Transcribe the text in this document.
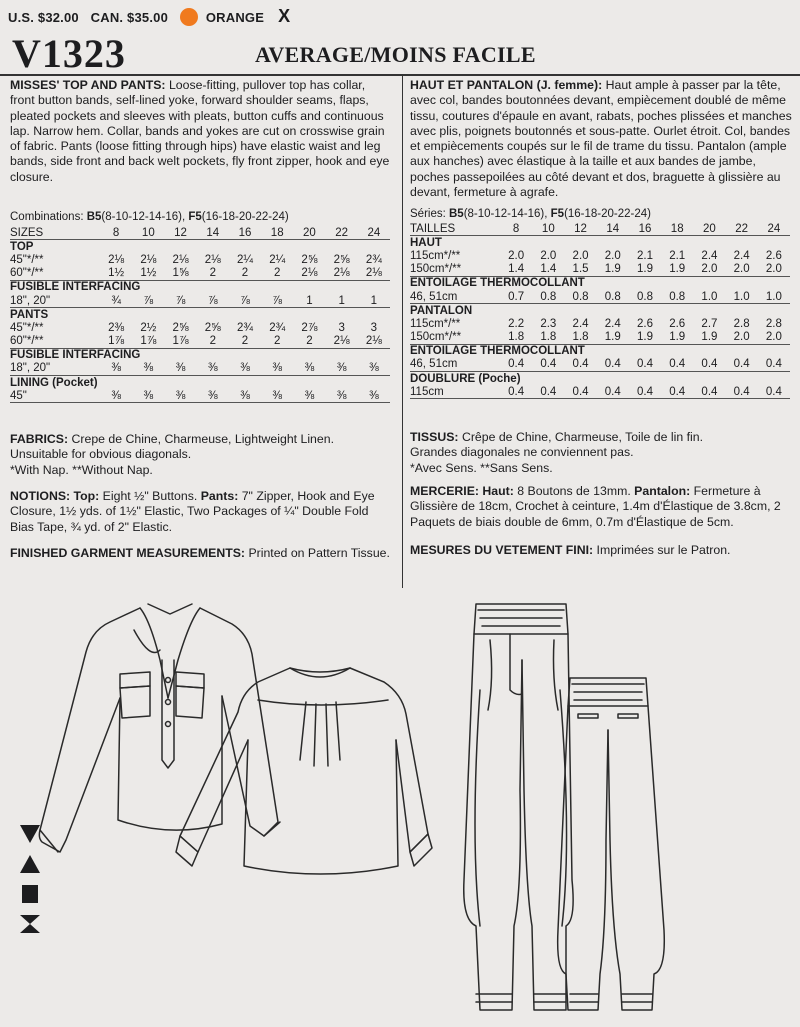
U.S. $32.00 CAN. $35.00	ORANGE X
V1323	AVERAGE/MOINS FACILE
MISSES' TOP AND PANTS: Loose-fitting, pullover top has collar, front button bands, self-lined yoke, forward shoulder seams, flaps, pleated pockets and sleeves with pleats, button cuffs and continuous lap. Narrow hem. Collar, bands and yokes are cut on crosswise grain of fabric. Pants (loose fitting through hips) have elastic waist and leg bands, side front and back welt pockets, fly front zipper, hook and eye closure.
Combinations: B5(8-10-12-14-16), F5(16-18-20-22-24)
SIZES	8	10	12	14	16	18	20	22	24
TOP									
45"*/**	2⅛	2⅛	2⅛	2⅛	2¼	2¼	2⅝	2⅝	2¾
60"*/**	1½	1½	1⅝	2	2	2	2⅛	2⅛	2⅛
FUSIBLE INTERFACING									
18", 20"	¾	⅞	⅞	⅞	⅞	⅞	1	1	1
PANTS									
45"*/**	2⅜	2½	2⅝	2⅝	2¾	2¾	2⅞	3	3
60"*/**	1⅞	1⅞	1⅞	2	2	2	2	2⅛	2⅛
FUSIBLE INTERFACING									
18", 20"	⅜	⅜	⅜	⅜	⅜	⅜	⅜	⅜	⅜
LINING (Pocket)									
45"	⅜	⅜	⅜	⅜	⅜	⅜	⅜	⅜	⅜
FABRICS: Crepe de Chine, Charmeuse, Lightweight Linen.
Unsuitable for obvious diagonals.
*With Nap. **Without Nap.
NOTIONS: Top: Eight ½" Buttons. Pants: 7" Zipper, Hook and Eye Closure, 1½ yds. of 1½" Elastic, Two Packages of ¼" Double Fold Bias Tape, ¾ yd. of 2" Elastic.
FINISHED GARMENT MEASUREMENTS: Printed on Pattern Tissue.
HAUT ET PANTALON (J. femme): Haut ample à passer par la tête, avec col, bandes boutonnées devant, empiècement doublé de même tissu, coutures d'épaule en avant, rabats, poches plissées et manches avec plis, poignets boutonnés et sous-patte. Ourlet étroit. Col, bandes et empiècements coupés sur le fil de trame du tissu. Pantalon (ample aux hanches) avec élastique à la taille et aux bandes de jambe, poches passepoilées au côté devant et dos, braguette à glissière au devant, fermeture à agrafe.
Séries: B5(8-10-12-14-16), F5(16-18-20-22-24)
TAILLES	8	10	12	14	16	18	20	22	24
HAUT									
115cm*/**	2.0	2.0	2.0	2.0	2.1	2.1	2.4	2.4	2.6
150cm*/**	1.4	1.4	1.5	1.9	1.9	1.9	2.0	2.0	2.0
ENTOILAGE THERMOCOLLANT									
46, 51cm	0.7	0.8	0.8	0.8	0.8	0.8	1.0	1.0	1.0
PANTALON									
115cm*/**	2.2	2.3	2.4	2.4	2.6	2.6	2.7	2.8	2.8
150cm*/**	1.8	1.8	1.8	1.9	1.9	1.9	1.9	2.0	2.0
ENTOILAGE THERMOCOLLANT									
46, 51cm	0.4	0.4	0.4	0.4	0.4	0.4	0.4	0.4	0.4
DOUBLURE (Poche)									
115cm	0.4	0.4	0.4	0.4	0.4	0.4	0.4	0.4	0.4
TISSUS: Crêpe de Chine, Charmeuse, Toile de lin fin.
Grandes diagonales ne conviennent pas.
*Avec Sens. **Sans Sens.
MERCERIE: Haut: 8 Boutons de 13mm. Pantalon: Fermeture à Glissière de 18cm, Crochet à ceinture, 1.4m d'Élastique de 3.8cm, 2 Paquets de biais double de 6mm, 0.7m d'Élastique de 5cm.
MESURES DU VETEMENT FINI: Imprimées sur le Patron.
